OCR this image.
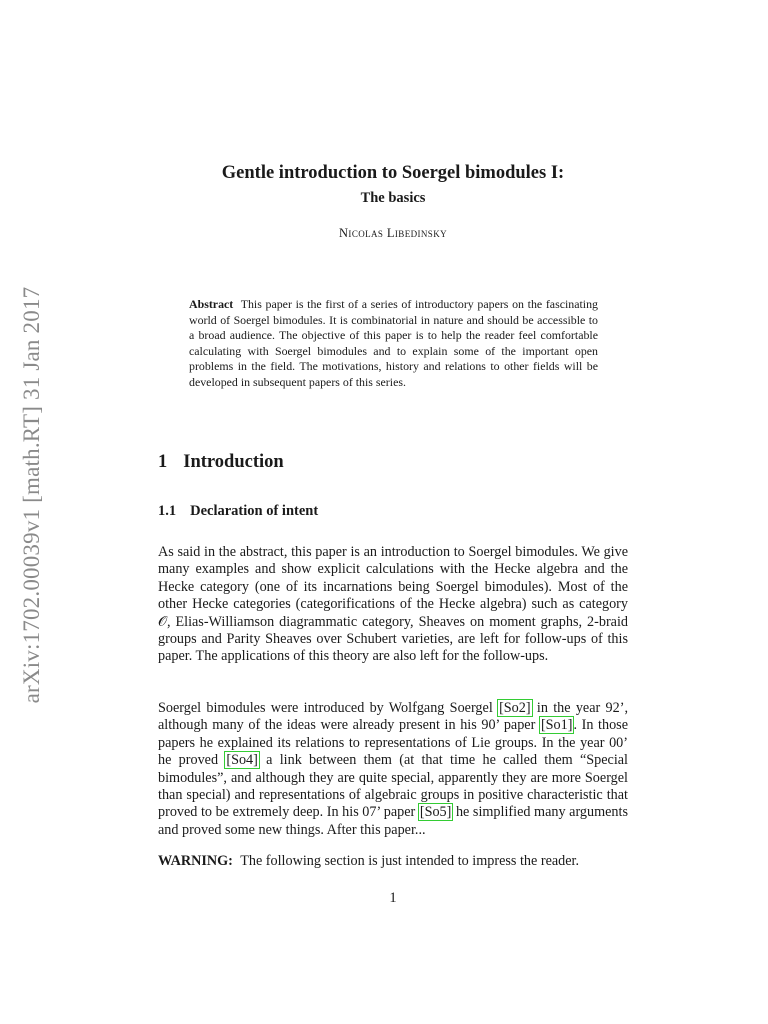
arXiv:1702.00039v1 [math.RT] 31 Jan 2017
Gentle introduction to Soergel bimodules I:
The basics

Nicolas Libedinsky

Abstract This paper is the first of a series of introductory papers on the fascinating world of Soergel bimodules. It is combinatorial in nature and should be accessible to a broad audience. The objective of this paper is to help the reader feel comfortable calculating with Soergel bimodules and to explain some of the important open problems in the field. The motivations, history and relations to other fields will be developed in subsequent papers of this series.

1 Introduction
1.1 Declaration of intent

As said in the abstract, this paper is an introduction to Soergel bimodules. We give many examples and show explicit calculations with the Hecke algebra and the Hecke category (one of its incarnations being Soergel bimodules). Most of the other Hecke categories (categorifications of the Hecke algebra) such as category 𝒪, Elias-Williamson diagrammatic category, Sheaves on moment graphs, 2-braid groups and Parity Sheaves over Schubert varieties, are left for follow-ups of this paper. The applications of this theory are also left for the follow-ups.

Soergel bimodules were introduced by Wolfgang Soergel [So2] in the year 92’, although many of the ideas were already present in his 90’ paper [So1]. In those papers he explained its relations to representations of Lie groups. In the year 00’ he proved [So4] a link between them (at that time he called them “Special bimodules”, and although they are quite special, apparently they are more Soergel than special) and representations of algebraic groups in positive characteristic that proved to be extremely deep. In his 07’ paper [So5] he simplified many arguments and proved some new things. After this paper...

WARNING: The following section is just intended to impress the reader.

1
